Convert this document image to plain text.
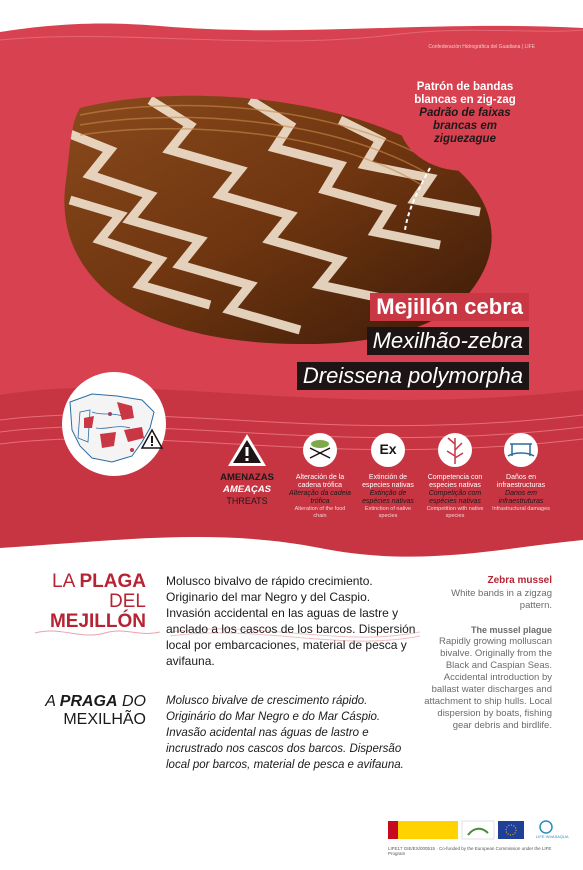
Confederación Hidrográfica del Guadiana | LIFE
Patrón de bandas blancas en zig-zag
Padrão de faixas brancas em ziguezague
Mejillón cebra
Mexilhão-zebra
Dreissena polymorpha
Ex
AMENAZAS
AMEAÇAS
THREATS
Alteración de la cadena trófica
Alteração da cadeia trófica
Alteration of the food chain
Extinción de especies nativas
Extinção de espécies nativas
Extinction of native species
Competencia con especies nativas
Competição com espécies nativas
Competition with native species
Daños en infraestructuras
Danos em infraestruturas
Infrastructural damages
LA PLAGA
DEL MEJILLÓN
Molusco bivalvo de rápido crecimiento. Originario del mar Negro y del Caspio. Invasión accidental en las aguas de lastre y anclado a los cascos de los barcos. Dispersión local por embarcaciones, material de pesca y avifauna.
A PRAGA DO
MEXILHÃO
Molusco bivalve de crescimento rápido. Originário do Mar Negro e do Mar Cáspio. Invasão acidental nas águas de lastro e incrustrado nos cascos dos barcos. Dispersão local por barcos, material de pesca e avifauna.
Zebra mussel
White bands in a zigzag pattern.
The mussel plague
Rapidly growing molluscan bivalve. Originally from the Black and Caspian Seas. Accidental introduction by ballast water discharges and attachment to ship hulls. Local dispersion by boats, fishing gear debris and birdlife.
LIFE INVASAQUA
LIFE17 GIE/ES/000515 · Co-funded by the European Commission under the LIFE Program
